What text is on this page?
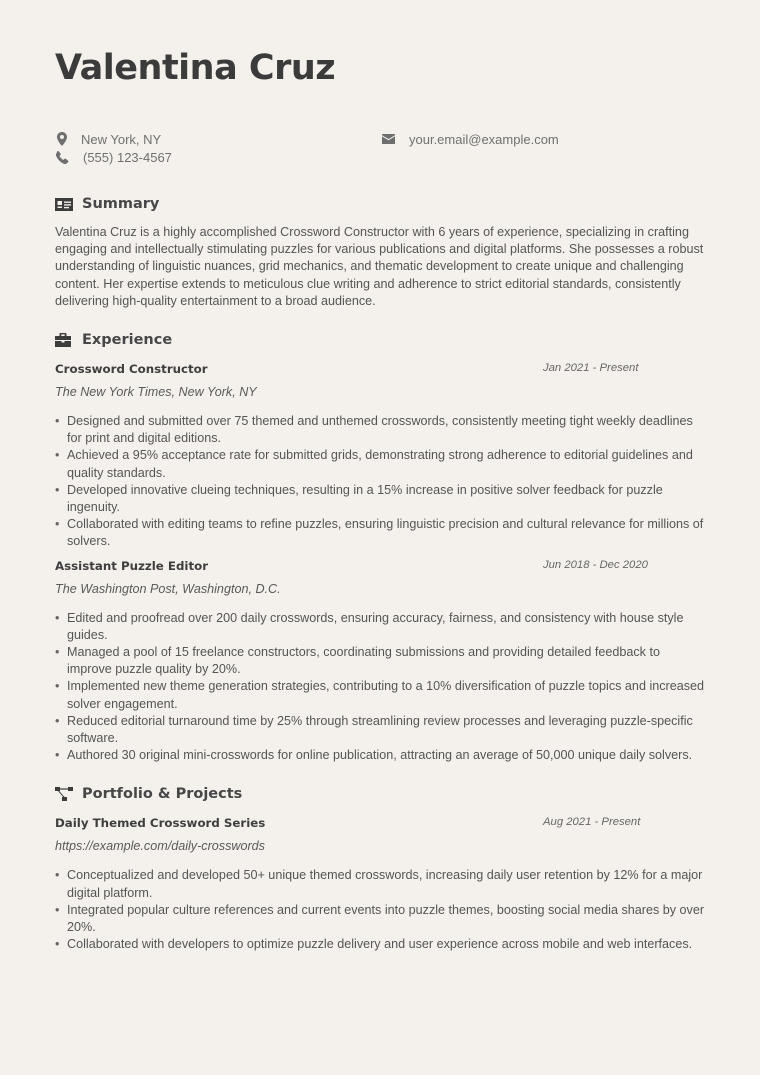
Valentina Cruz
New York, NY
(555) 123-4567
your.email@example.com
Summary

Valentina Cruz is a highly accomplished Crossword Constructor with 6 years of experience, specializing in crafting engaging and intellectually stimulating puzzles for various publications and digital platforms. She possesses a robust understanding of linguistic nuances, grid mechanics, and thematic development to create unique and challenging content. Her expertise extends to meticulous clue writing and adherence to strict editorial standards, consistently delivering high-quality entertainment to a broad audience.

Experience
Crossword Constructor	Jan 2021 - Present
The New York Times, New York, NY
• Designed and submitted over 75 themed and unthemed crosswords, consistently meeting tight weekly deadlines for print and digital editions.
• Achieved a 95% acceptance rate for submitted grids, demonstrating strong adherence to editorial guidelines and quality standards.
• Developed innovative clueing techniques, resulting in a 15% increase in positive solver feedback for puzzle ingenuity.
• Collaborated with editing teams to refine puzzles, ensuring linguistic precision and cultural relevance for millions of solvers.
Assistant Puzzle Editor	Jun 2018 - Dec 2020
The Washington Post, Washington, D.C.
• Edited and proofread over 200 daily crosswords, ensuring accuracy, fairness, and consistency with house style guides.
• Managed a pool of 15 freelance constructors, coordinating submissions and providing detailed feedback to improve puzzle quality by 20%.
• Implemented new theme generation strategies, contributing to a 10% diversification of puzzle topics and increased solver engagement.
• Reduced editorial turnaround time by 25% through streamlining review processes and leveraging puzzle-specific software.
• Authored 30 original mini-crosswords for online publication, attracting an average of 50,000 unique daily solvers.
Portfolio & Projects
Daily Themed Crossword Series	Aug 2021 - Present
https://example.com/daily-crosswords
• Conceptualized and developed 50+ unique themed crosswords, increasing daily user retention by 12% for a major digital platform.
• Integrated popular culture references and current events into puzzle themes, boosting social media shares by over 20%.
• Collaborated with developers to optimize puzzle delivery and user experience across mobile and web interfaces.
